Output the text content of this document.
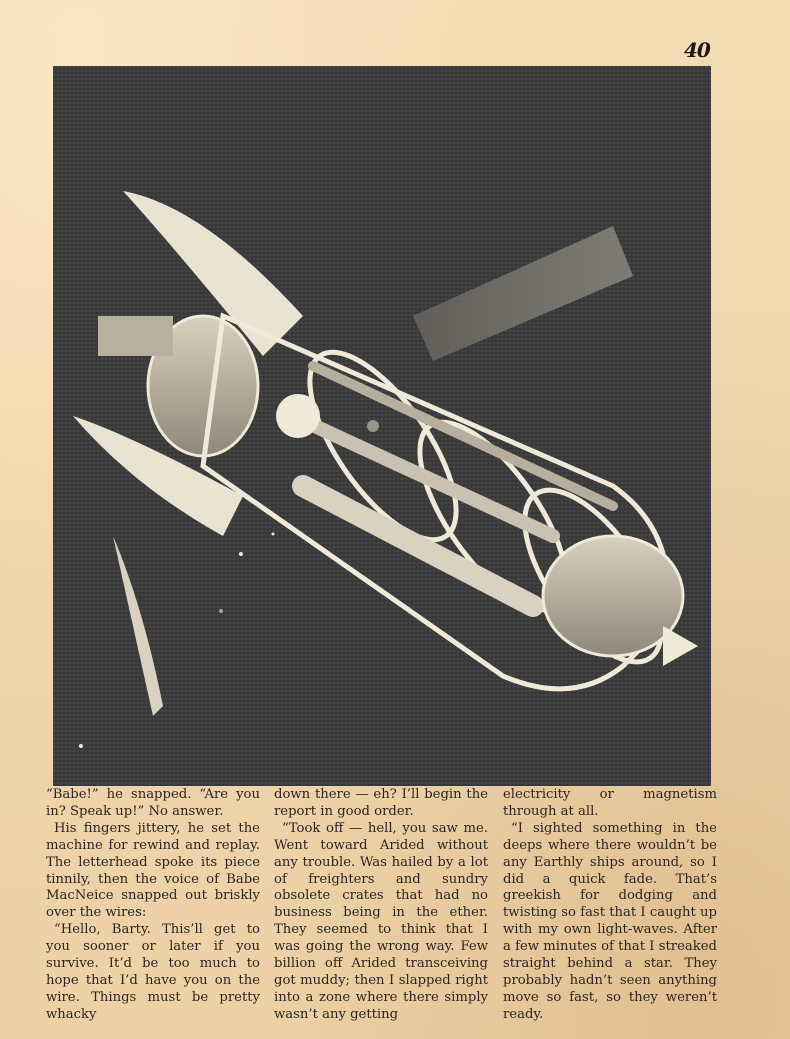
40

“Babe!” he snapped. “Are you in? Speak up!” No answer.

His fingers jittery, he set the machine for rewind and replay. The letterhead spoke its piece tinnily, then the voice of Babe MacNeice snapped out briskly over the wires:

“Hello, Barty. This’ll get to you sooner or later if you survive. It’d be too much to hope that I’d have you on the wire. Things must be pretty whacky

down there — eh? I’ll begin the report in good order.

“Took off — hell, you saw me. Went toward Arided without any trouble. Was hailed by a lot of freighters and sundry obsolete crates that had no business being in the ether. They seemed to think that I was going the wrong way. Few billion off Arided transceiving got muddy; then I slapped right into a zone where there simply wasn’t any getting

electricity or magnetism through at all.

“I sighted something in the deeps where there wouldn’t be any Earthly ships around, so I did a quick fade. That’s greekish for dodging and twisting so fast that I caught up with my own light-waves. After a few minutes of that I streaked straight behind a star. They probably hadn’t seen anything move so fast, so they weren’t ready.
